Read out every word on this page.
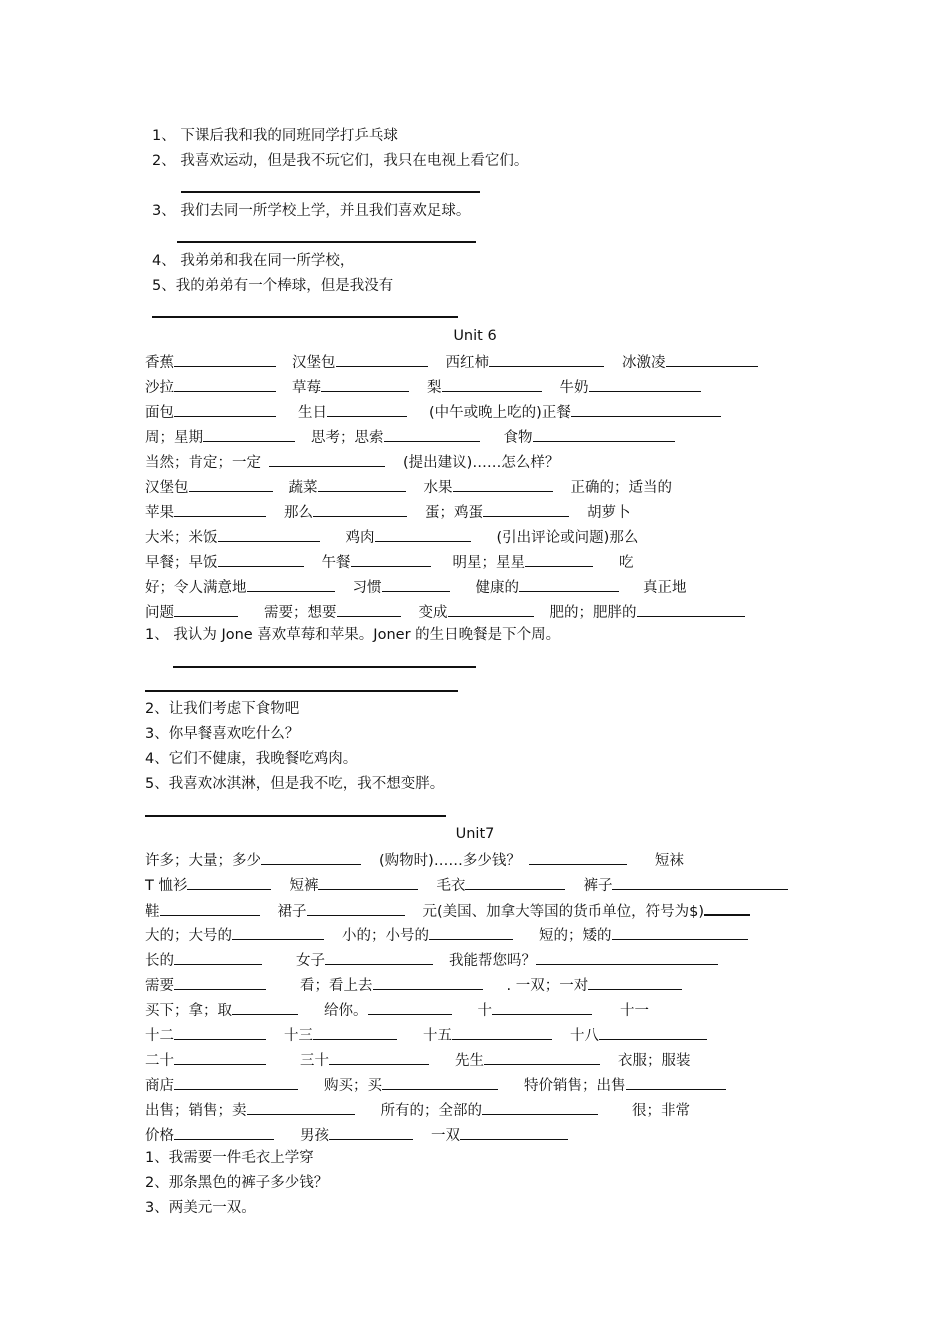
1、 下课后我和我的同班同学打乒乓球
2、 我喜欢运动，但是我不玩它们，我只在电视上看它们。
3、 我们去同一所学校上学，并且我们喜欢足球。
4、 我弟弟和我在同一所学校，
5、我的弟弟有一个棒球，但是我没有
Unit 6
香蕉	汉堡包	西红柿	冰激凌
沙拉	草莓	梨	牛奶
面包	生日	(中午或晚上吃的)正餐
周；星期	思考；思索	食物
当然；肯定；一定	(提出建议)……怎么样？
汉堡包	蔬菜	水果	正确的；适当的
苹果	那么	蛋；鸡蛋	胡萝卜
大米；米饭	鸡肉	(引出评论或问题)那么
早餐；早饭	午餐	明星；星星	吃
好；令人满意地	习惯	健康的	真正地
问题	需要；想要	变成	肥的；肥胖的
1、 我认为 Jone 喜欢草莓和苹果。Joner 的生日晚餐是下个周。
2、让我们考虑下食物吧
3、你早餐喜欢吃什么？
4、它们不健康，我晚餐吃鸡肉。
5、我喜欢冰淇淋，但是我不吃，我不想变胖。
Unit7
许多；大量；多少	(购物时)……多少钱？	短袜
T 恤衫	短裤	毛衣	裤子
鞋	裙子	元(美国、加拿大等国的货币单位，符号为$)
大的；大号的	小的；小号的	短的；矮的
长的	女子	我能帮您吗？
需要	看；看上去	. 一双；一对
买下；拿；取	给你。	十	十一
十二	十三	十五	十八
二十	三十	先生	衣服；服装
商店	购买；买	特价销售；出售
出售；销售；卖	所有的；全部的	很；非常
价格	男孩	一双
1、我需要一件毛衣上学穿
2、那条黑色的裤子多少钱？
3、两美元一双。
